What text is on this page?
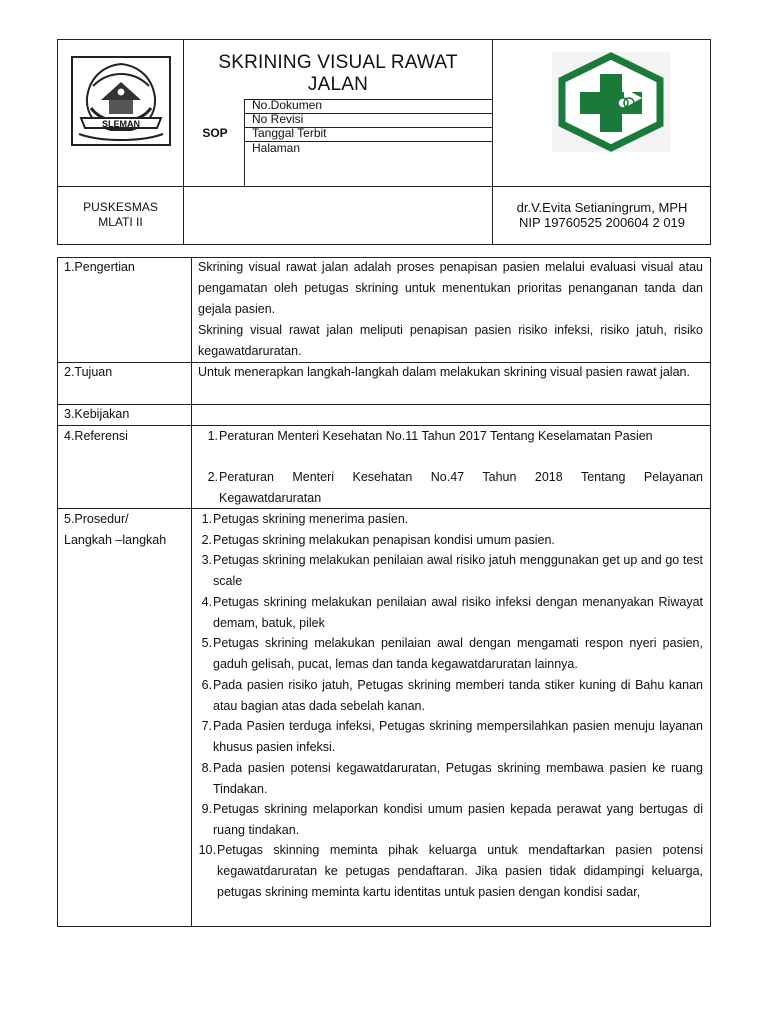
SLEMAN
SKRINING VISUAL RAWAT JALAN
SOP
No.Dokumen
No Revisi
Tanggal Terbit
Halaman
PUSKESMAS
MLATI II
dr.V.Evita Setianingrum, MPH
NIP 19760525 200604 2 019
1.Pengertian	Skrining visual rawat jalan adalah proses penapisan pasien melalui evaluasi visual atau pengamatan oleh petugas skrining untuk menentukan prioritas penanganan tanda dan gejala pasien.
Skrining visual rawat jalan meliputi penapisan pasien risiko infeksi, risiko jatuh, risiko kegawatdaruratan.
2.Tujuan	Untuk menerapkan langkah-langkah dalam melakukan skrining visual pasien rawat jalan.
3.Kebijakan
4.Referensi	1. Peraturan Menteri Kesehatan No.11 Tahun 2017 Tentang Keselamatan Pasien
2. Peraturan Menteri Kesehatan No.47 Tahun 2018 Tentang Pelayanan Kegawatdaruratan
5.Prosedur/
Langkah –langkah
1. Petugas skrining menerima pasien.
2. Petugas skrining melakukan penapisan kondisi umum pasien.
3. Petugas skrining melakukan penilaian awal risiko jatuh menggunakan get up and go test scale
4. Petugas skrining melakukan penilaian awal risiko infeksi dengan menanyakan Riwayat demam, batuk, pilek
5. Petugas skrining melakukan penilaian awal dengan mengamati respon nyeri pasien, gaduh gelisah, pucat, lemas dan tanda kegawatdaruratan lainnya.
6. Pada pasien risiko jatuh, Petugas skrining memberi tanda stiker kuning di Bahu kanan atau bagian atas dada sebelah kanan.
7. Pada Pasien terduga infeksi, Petugas skrining mempersilahkan pasien menuju layanan khusus pasien infeksi.
8. Pada pasien potensi kegawatdaruratan, Petugas skrining membawa pasien ke ruang Tindakan.
9. Petugas skrining melaporkan kondisi umum pasien kepada perawat yang bertugas di ruang tindakan.
10. Petugas skinning meminta pihak keluarga untuk mendaftarkan pasien potensi kegawatdaruratan ke petugas pendaftaran. Jika pasien tidak didampingi keluarga, petugas skrining meminta kartu identitas untuk pasien dengan kondisi sadar,
